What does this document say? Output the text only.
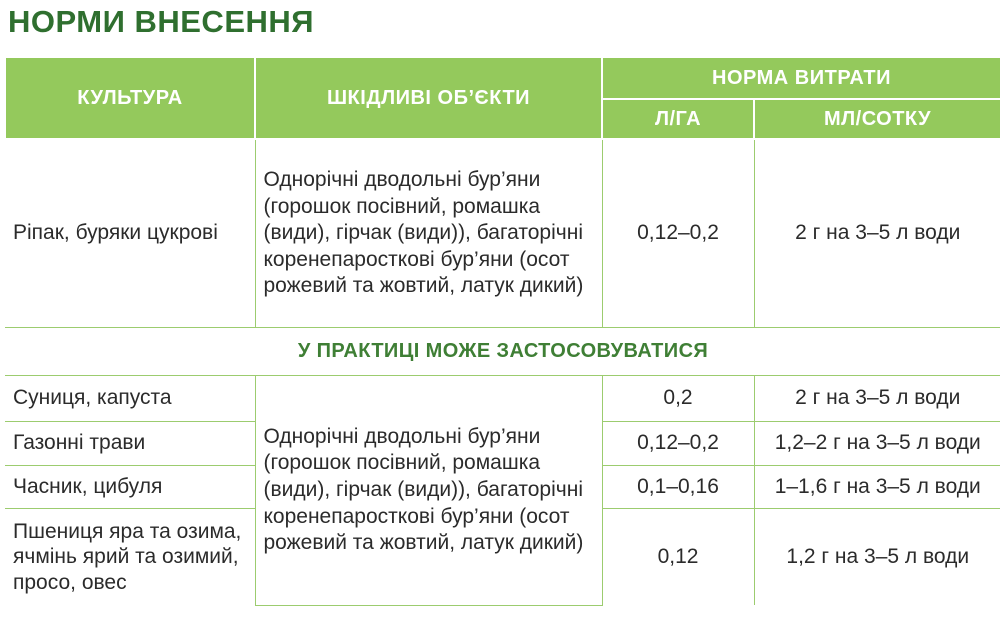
НОРМИ ВНЕСЕННЯ
КУЛЬТУРА	ШКІДЛИВІ ОБ’ЄКТИ	НОРМА ВИТРАТИ	
		Л/ГА	МЛ/СОТКУ
Ріпак, буряки цукрові	Однорічні дводольні бур’яни (горошок посівний, ромашка (види), гірчак (види)), багаторічні коренепаросткові бур’яни (осот рожевий та жовтий, латук дикий)	0,12–0,2	2 г на 3–5 л води
У ПРАКТИЦІ МОЖЕ ЗАСТОСОВУВАТИСЯ			
Суниця, капуста	Однорічні дводольні бур’яни (горошок посівний, ромашка (види), гірчак (види)), багаторічні коренепаросткові бур’яни (осот рожевий та жовтий, латук дикий)	0,2	2 г на 3–5 л води
Газонні трави		0,12–0,2	1,2–2 г на 3–5 л води
Часник, цибуля		0,1–0,16	1–1,6 г на 3–5 л води
Пшениця яра та озима, ячмінь ярий та озимий, просо, овес		0,12	1,2 г на 3–5 л води
